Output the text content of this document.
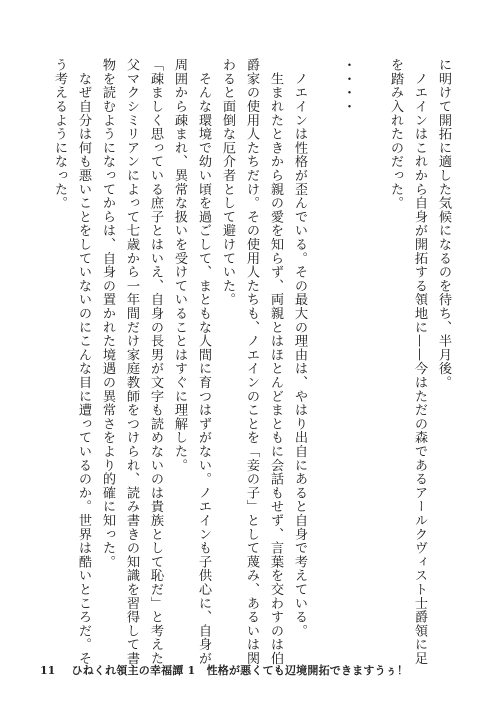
に明けて開拓に適した気候になるのを待ち、半月後。
　ノエインはこれから自身が開拓する領地に——今はただの森であるアールクヴィスト士爵領に足
を踏み入れたのだった。
・・・・
　ノエインは性格が歪んでいる。その最大の理由は、やはり出自にあると自身で考えている。
　生まれたときから親の愛を知らず、両親とはほとんどまともに会話もせず、言葉を交わすのは伯
爵家の使用人たちだけ。その使用人たちも、ノエインのことを「妾の子」として蔑み、あるいは関
わると面倒な厄介者として避けていた。
　そんな環境で幼い頃を過ごして、まともな人間に育つはずがない。ノエインも子供心に、自身が
周囲から疎まれ、異常な扱いを受けていることはすぐに理解した。
「疎ましく思っている庶子とはいえ、自身の長男が文字も読めないのは貴族として恥だ」と考えた
父マクシミリアンによって七歳から一年間だけ家庭教師をつけられ、読み書きの知識を習得して書
物を読むようになってからは、自身の置かれた境遇の異常さをより的確に知った。
　なぜ自分は何も悪いことをしていないのにこんな目に遭っているのか。世界は酷いところだ。そ
う考えるようになった。
11 ひねくれ領主の幸福譚 1　性格が悪くても辺境開拓できますうぅ！
